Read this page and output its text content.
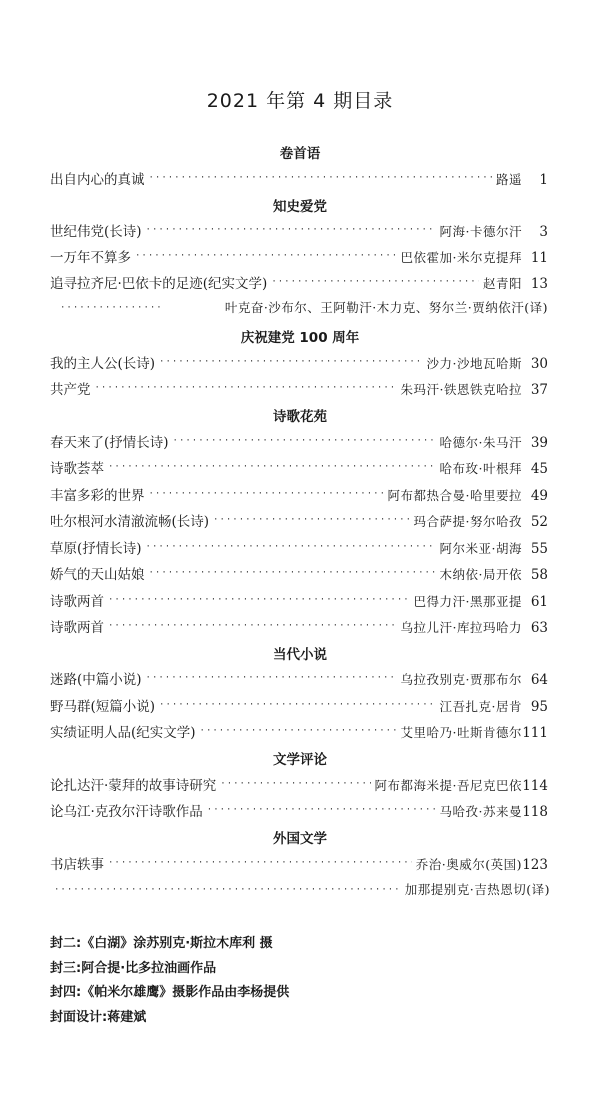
2021 年第 4 期目录
卷首语
出自内心的真诚 ·····	路遥	1
知史爱党
世纪伟党(长诗) ·····	阿海·卡德尔汗	3
一万年不算多 ·····	巴依霍加·米尔克提拜 11
追寻拉齐尼·巴依卡的足迹(纪实文学) ·····	赵青阳 13
·····
叶克奋·沙布尔、王阿勒汗·木力克、努尔兰·贾纳依汗(译)
庆祝建党 100 周年
我的主人公(长诗) ·····	沙力·沙地瓦哈斯 30
共产党 ·····	朱玛汗·铁恩铁克哈拉 37
诗歌花苑
春天来了(抒情长诗) ·····	哈德尔·朱马汗 39
诗歌荟萃 ·····	哈布玫·叶根拜 45
丰富多彩的世界 ·····	阿布都热合曼·哈里要拉 49
吐尔根河水清澈流畅(长诗) ·····	玛合萨提·努尔哈孜 52
草原(抒情长诗) ·····	阿尔米亚·胡海 55
娇气的天山姑娘 ·····	木纳依·局开依 58
诗歌两首 ·····	巴得力汗·黑那亚提 61
诗歌两首 ·····	乌拉儿汗·库拉玛哈力 63
当代小说
迷路(中篇小说) ·····	乌拉孜别克·贾那布尔 64
野马群(短篇小说) ·····	江吾扎克·居肯 95
实绩证明人品(纪实文学) ·····	艾里哈乃·吐斯肯德尔 111
文学评论
论扎达汗·蒙拜的故事诗研究 ·····	阿布都海米提·吾尼克巴依 114
论乌江·克孜尔汗诗歌作品 ·····	马哈孜·苏来曼 118
外国文学
书店轶事 ·····	乔治·奥威尔(英国) 123
·····
加那提别克·吉热恩切(译)
封二:《白湖》涂苏别克·斯拉木库利 摄
封三:阿合提·比多拉油画作品
封四:《帕米尔雄鹰》摄影作品由李杨提供
封面设计:蒋建斌
